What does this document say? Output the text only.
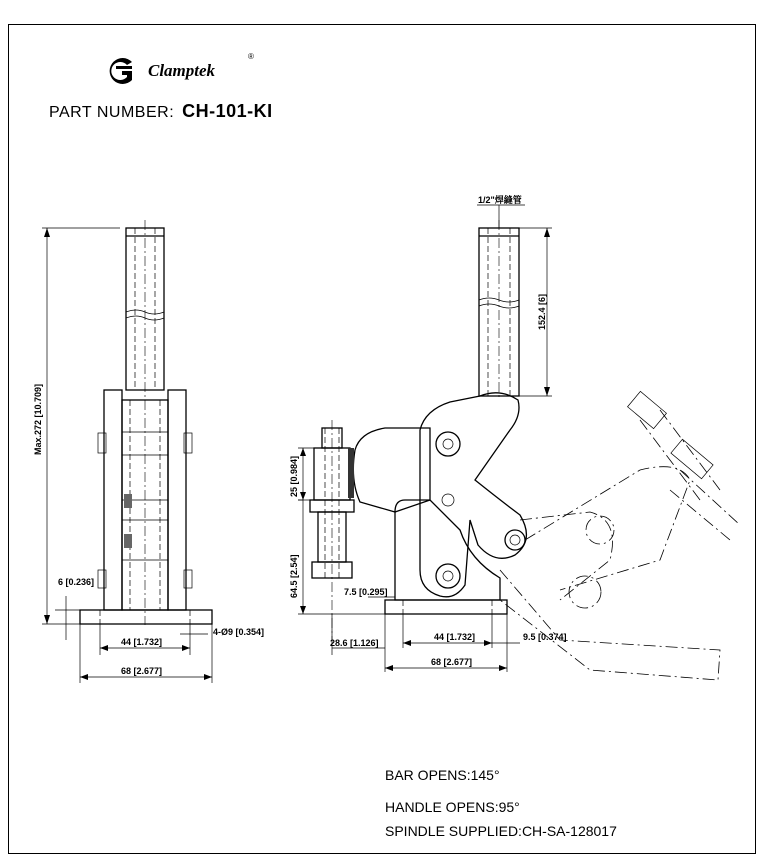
Clamptek
®
PART NUMBER: CH-101-KI
Max.272 [10.709]
6 [0.236]
44 [1.732]
4-Ø9 [0.354]
68 [2.677]
1/2"焊縫管
152.4 [6]
25 [0.984]
64.5 [2.54]	7.5 [0.295]
28.6 [1.126]
44 [1.732]	9.5 [0.374]
68 [2.677]
BAR OPENS:145°
HANDLE OPENS:95°
SPINDLE SUPPLIED:CH-SA-128017
